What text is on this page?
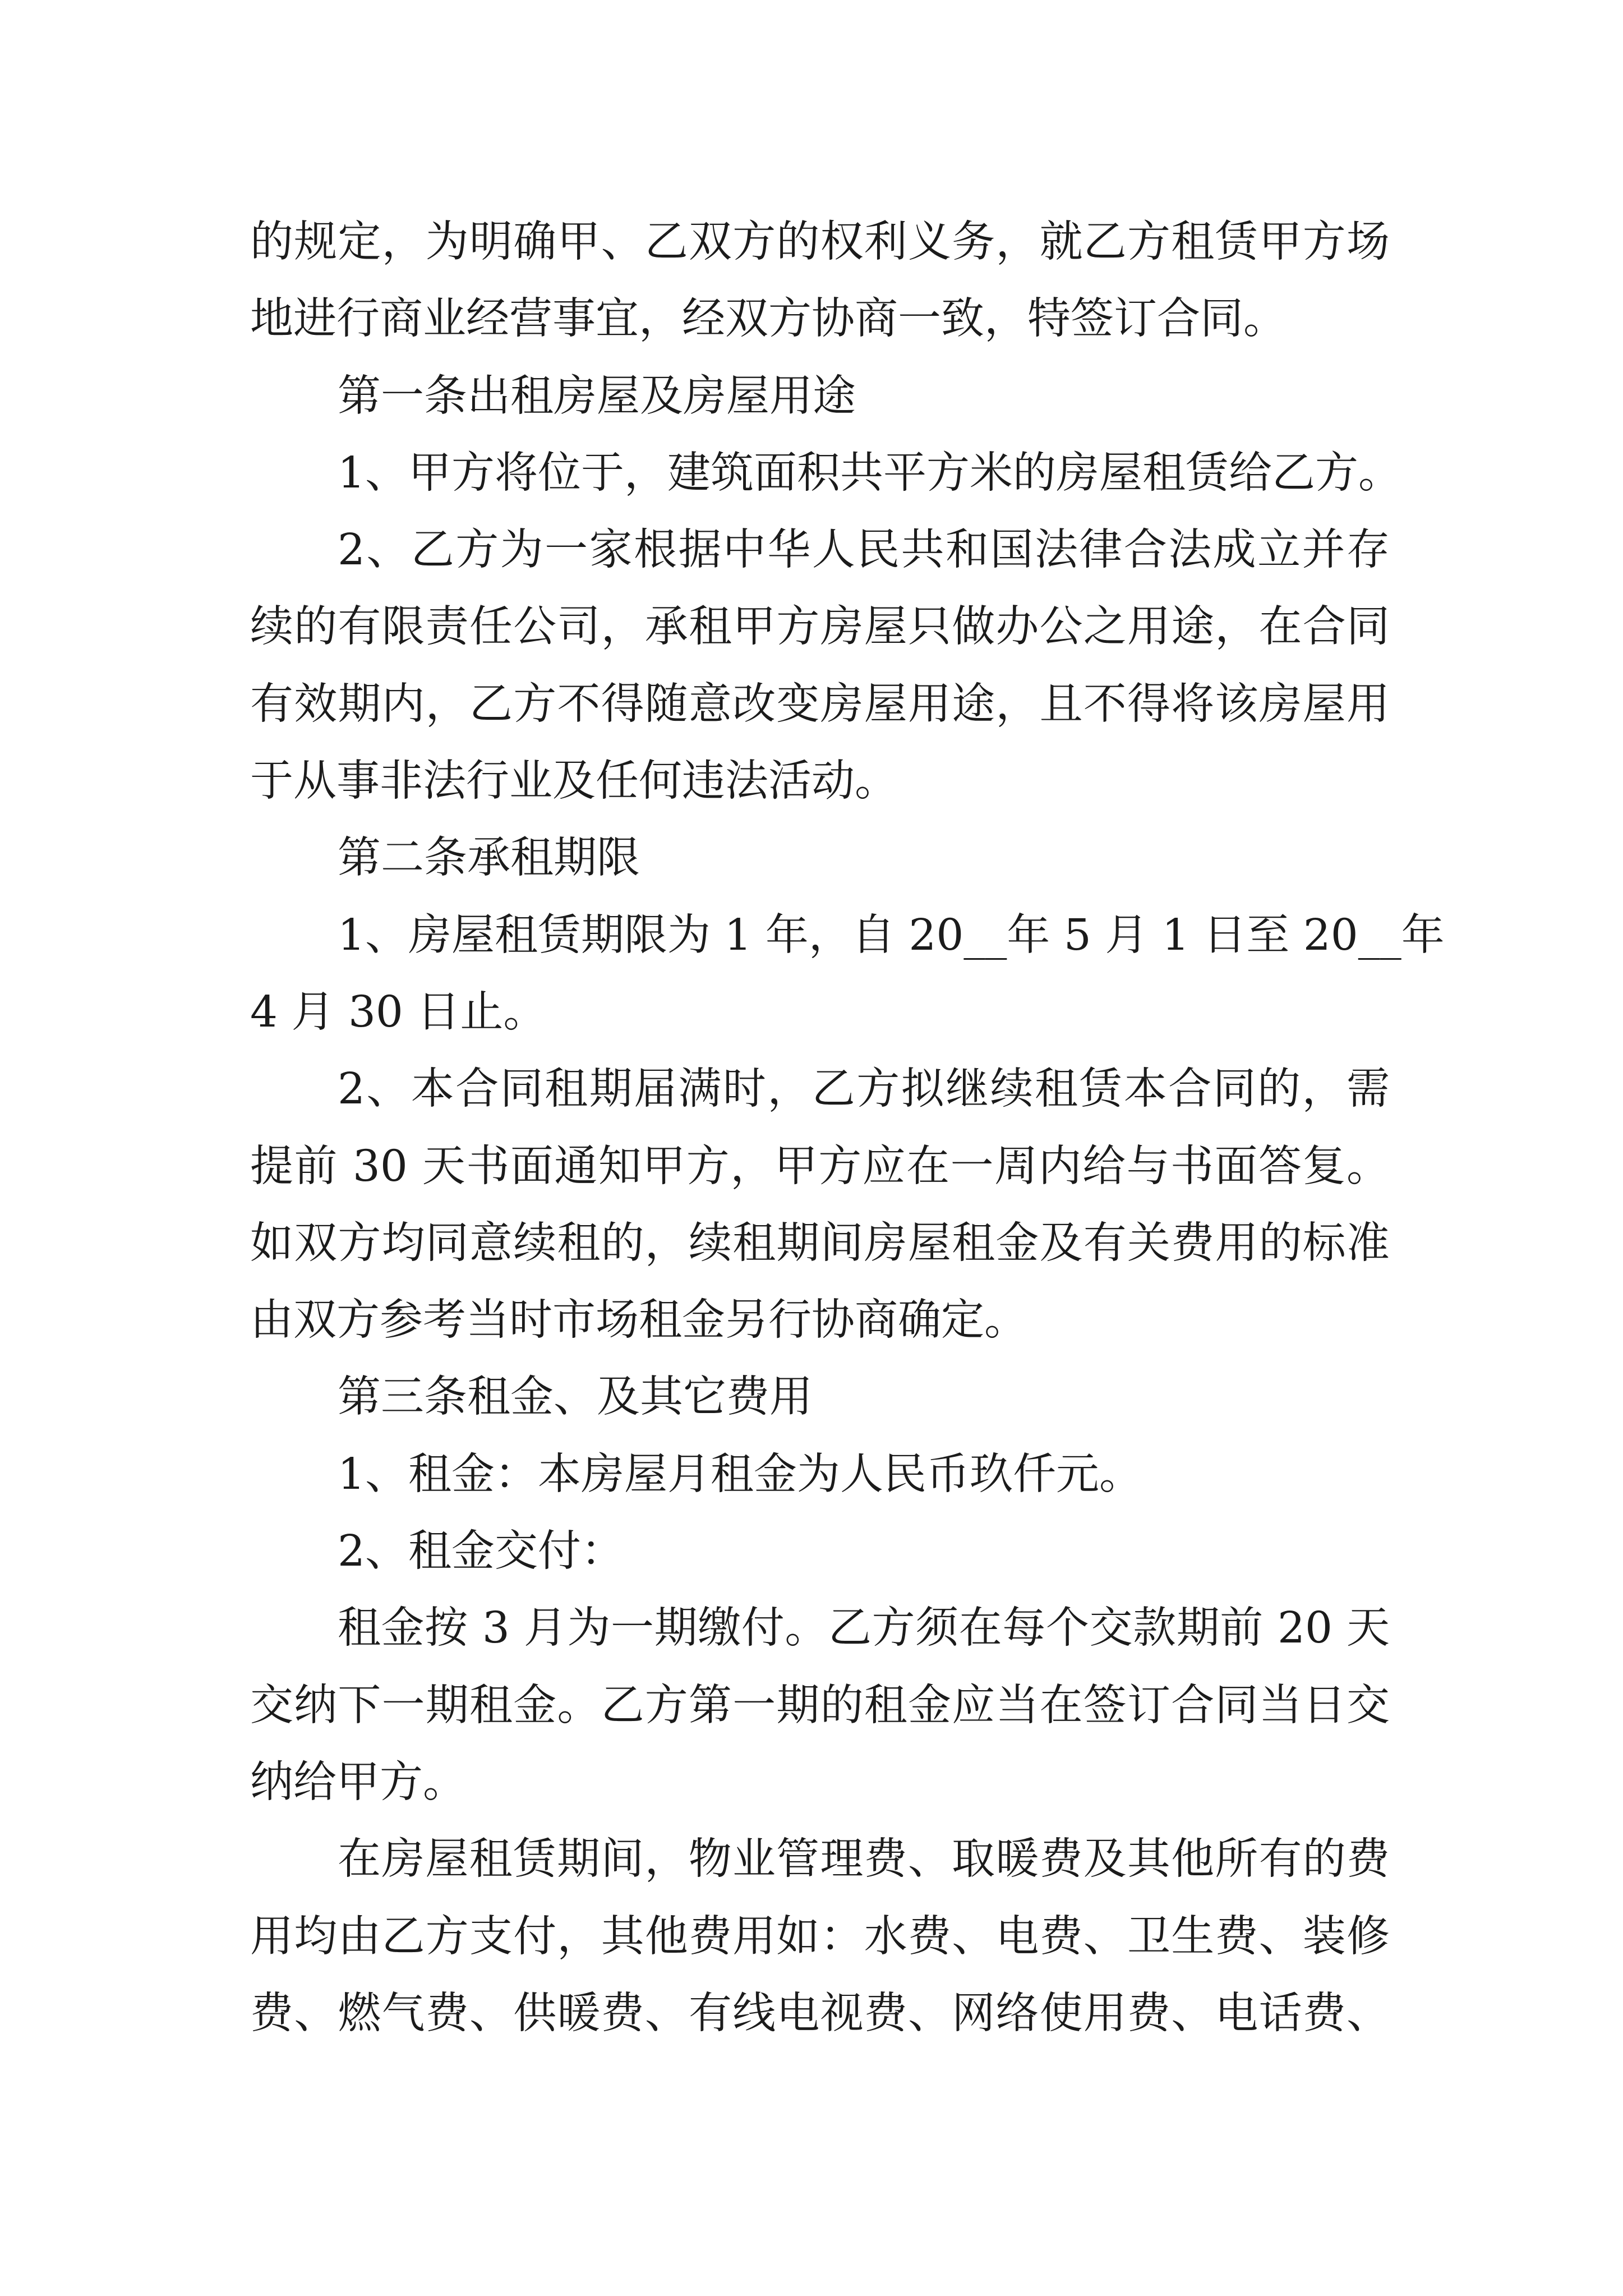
的规定，为明确甲、乙双方的权利义务，就乙方租赁甲方场
地进行商业经营事宜，经双方协商一致，特签订合同。
第一条出租房屋及房屋用途
1、甲方将位于，建筑面积共平方米的房屋租赁给乙方。
2、乙方为一家根据中华人民共和国法律合法成立并存
续的有限责任公司，承租甲方房屋只做办公之用途，在合同
有效期内，乙方不得随意改变房屋用途，且不得将该房屋用
于从事非法行业及任何违法活动。
第二条承租期限
1、房屋租赁期限为 1 年，自 20__年 5 月 1 日至 20__年
4 月 30 日止。
2、本合同租期届满时，乙方拟继续租赁本合同的，需
提前 30 天书面通知甲方，甲方应在一周内给与书面答复。
如双方均同意续租的，续租期间房屋租金及有关费用的标准
由双方参考当时市场租金另行协商确定。
第三条租金、及其它费用
1、租金：本房屋月租金为人民币玖仟元。
2、租金交付：
租金按 3 月为一期缴付。乙方须在每个交款期前 20 天
交纳下一期租金。乙方第一期的租金应当在签订合同当日交
纳给甲方。
在房屋租赁期间，物业管理费、取暖费及其他所有的费
用均由乙方支付，其他费用如：水费、电费、卫生费、装修
费、燃气费、供暖费、有线电视费、网络使用费、电话费、
